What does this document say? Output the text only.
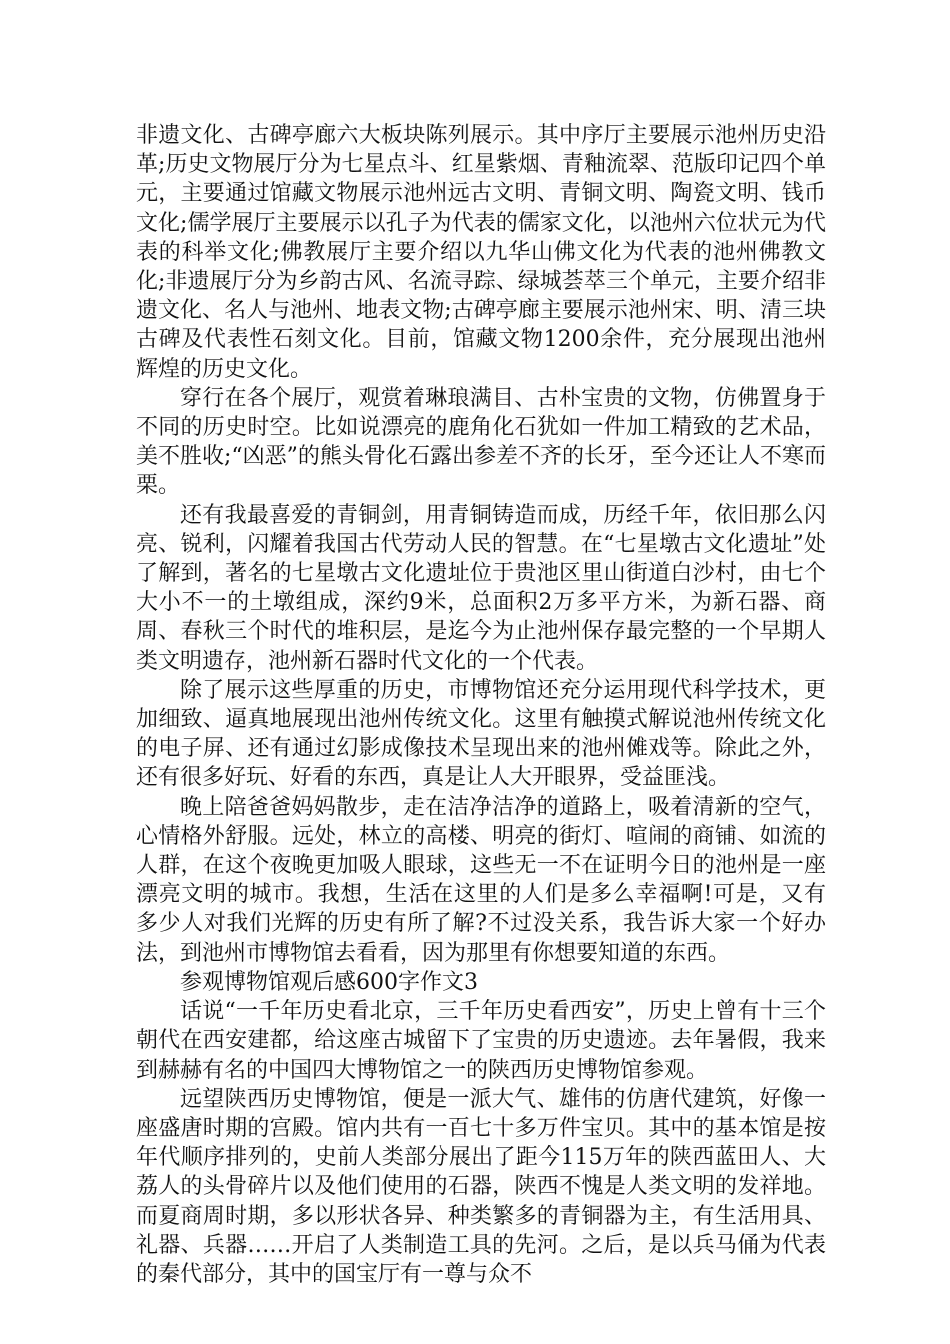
非遗文化、古碑亭廊六大板块陈列展示。其中序厅主要展示池州历史沿革;历史文物展厅分为七星点斗、红星紫烟、青釉流翠、范版印记四个单元，主要通过馆藏文物展示池州远古文明、青铜文明、陶瓷文明、钱币文化;儒学展厅主要展示以孔子为代表的儒家文化，以池州六位状元为代表的科举文化;佛教展厅主要介绍以九华山佛文化为代表的池州佛教文化;非遗展厅分为乡韵古风、名流寻踪、绿城荟萃三个单元，主要介绍非遗文化、名人与池州、地表文物;古碑亭廊主要展示池州宋、明、清三块古碑及代表性石刻文化。目前，馆藏文物1200余件，充分展现出池州辉煌的历史文化。

穿行在各个展厅，观赏着琳琅满目、古朴宝贵的文物，仿佛置身于不同的历史时空。比如说漂亮的鹿角化石犹如一件加工精致的艺术品，美不胜收;“凶恶”的熊头骨化石露出参差不齐的长牙，至今还让人不寒而栗。

还有我最喜爱的青铜剑，用青铜铸造而成，历经千年，依旧那么闪亮、锐利，闪耀着我国古代劳动人民的智慧。在“七星墩古文化遗址”处了解到，著名的七星墩古文化遗址位于贵池区里山街道白沙村，由七个大小不一的土墩组成，深约9米，总面积2万多平方米，为新石器、商周、春秋三个时代的堆积层，是迄今为止池州保存最完整的一个早期人类文明遗存，池州新石器时代文化的一个代表。

除了展示这些厚重的历史，市博物馆还充分运用现代科学技术，更加细致、逼真地展现出池州传统文化。这里有触摸式解说池州传统文化的电子屏、还有通过幻影成像技术呈现出来的池州傩戏等。除此之外，还有很多好玩、好看的东西，真是让人大开眼界，受益匪浅。

晚上陪爸爸妈妈散步，走在洁净洁净的道路上，吸着清新的空气，心情格外舒服。远处，林立的高楼、明亮的街灯、喧闹的商铺、如流的人群，在这个夜晚更加吸人眼球，这些无一不在证明今日的池州是一座漂亮文明的城市。我想，生活在这里的人们是多么幸福啊!可是，又有多少人对我们光辉的历史有所了解?不过没关系，我告诉大家一个好办法，到池州市博物馆去看看，因为那里有你想要知道的东西。

参观博物馆观后感600字作文3

话说“一千年历史看北京，三千年历史看西安”，历史上曾有十三个朝代在西安建都，给这座古城留下了宝贵的历史遗迹。去年暑假，我来到赫赫有名的中国四大博物馆之一的陕西历史博物馆参观。

远望陕西历史博物馆，便是一派大气、雄伟的仿唐代建筑，好像一座盛唐时期的宫殿。馆内共有一百七十多万件宝贝。其中的基本馆是按年代顺序排列的，史前人类部分展出了距今115万年的陕西蓝田人、大荔人的头骨碎片以及他们使用的石器，陕西不愧是人类文明的发祥地。而夏商周时期，多以形状各异、种类繁多的青铜器为主，有生活用具、礼器、兵器……开启了人类制造工具的先河。之后，是以兵马俑为代表的秦代部分，其中的国宝厅有一尊与众不
